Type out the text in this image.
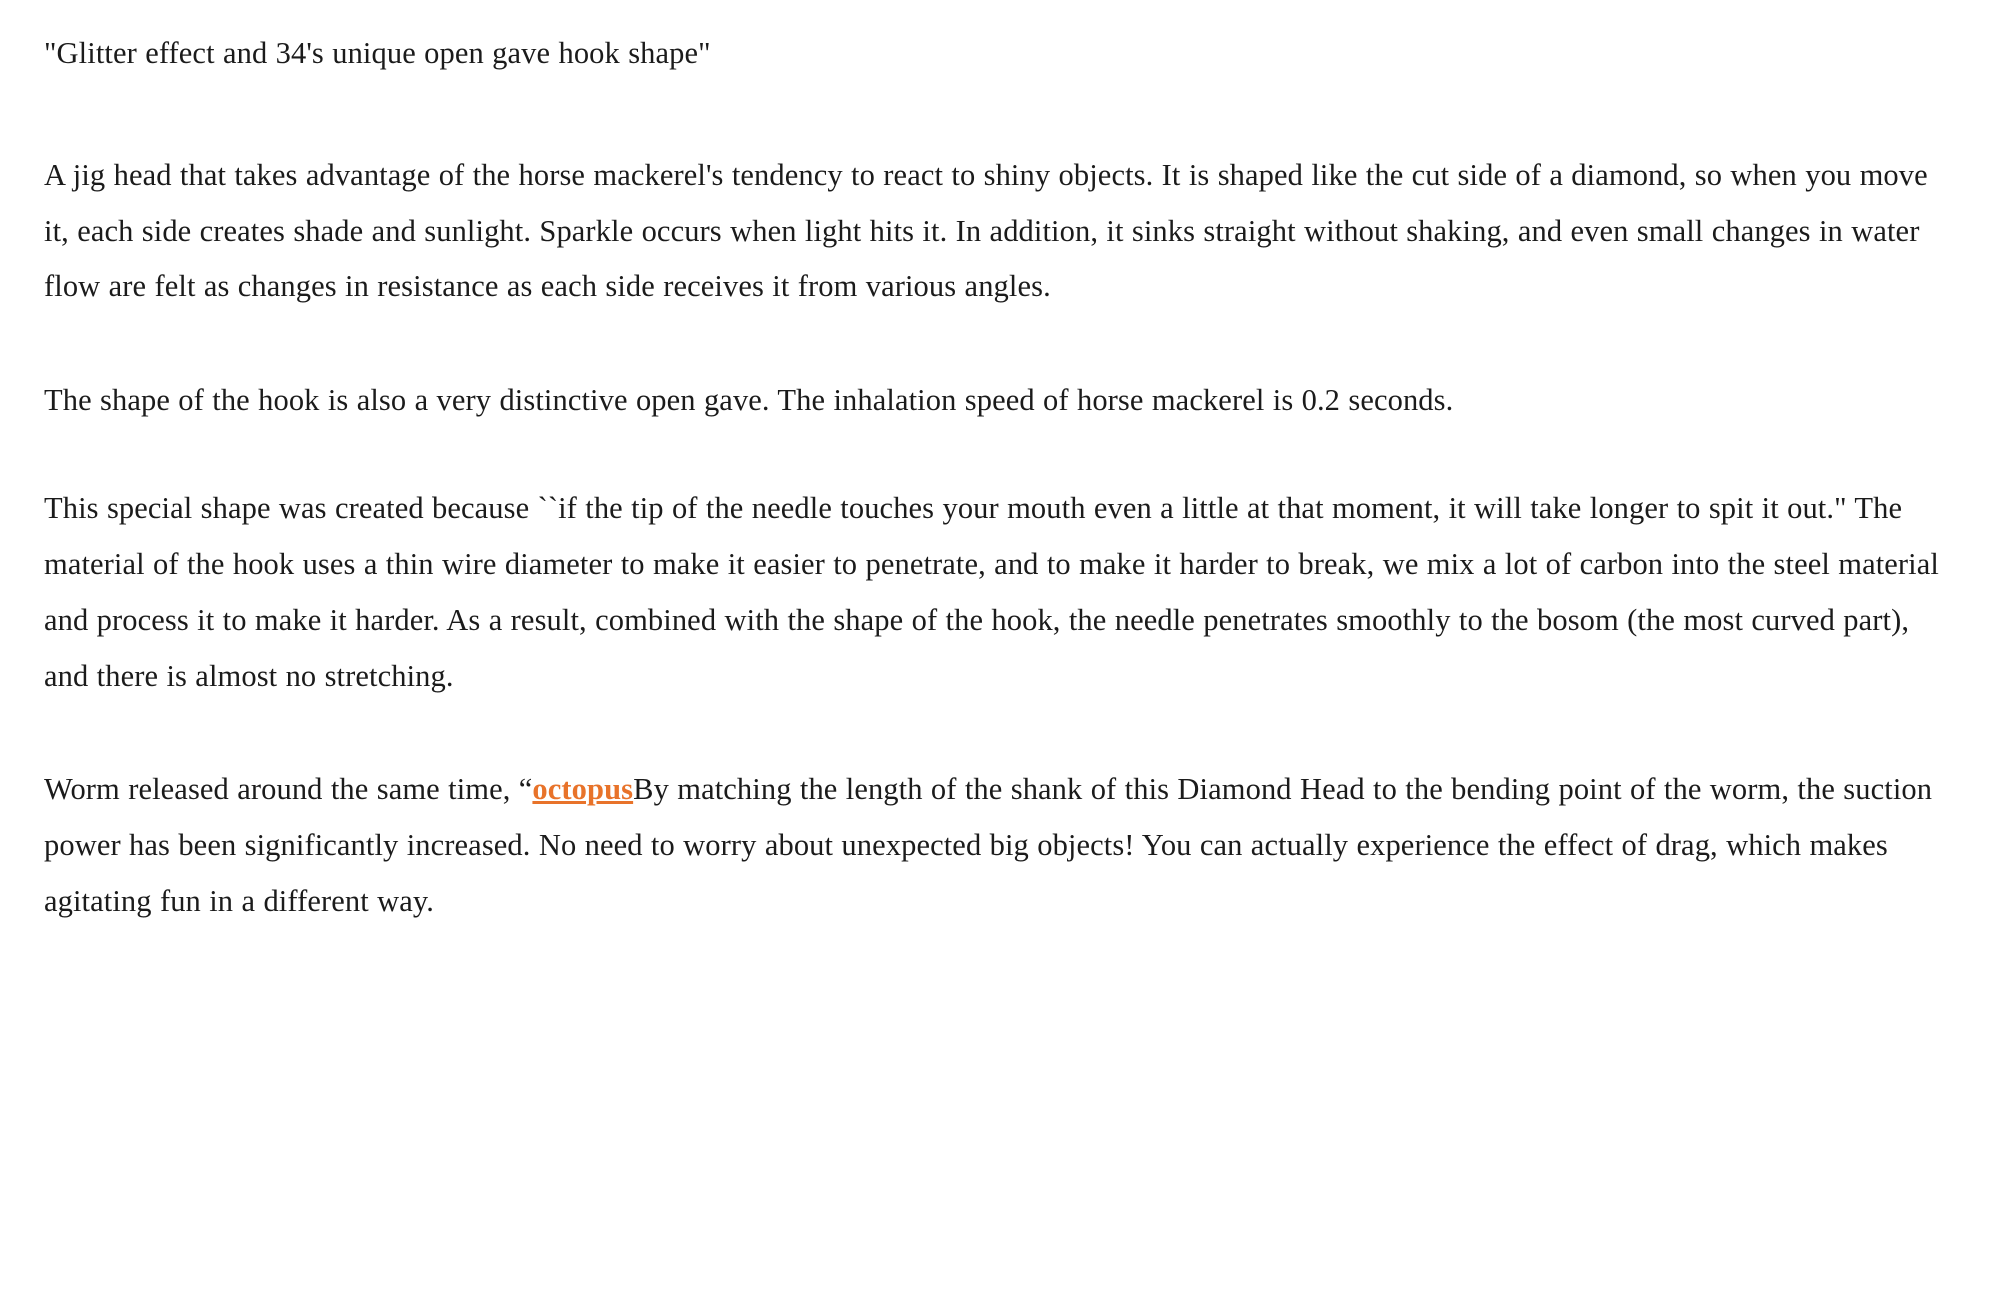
"Glitter effect and 34's unique open gave hook shape"

A jig head that takes advantage of the horse mackerel's tendency to react to shiny objects. It is shaped like the cut side of a diamond, so when you move it, each side creates shade and sunlight. Sparkle occurs when light hits it. In addition, it sinks straight without shaking, and even small changes in water flow are felt as changes in resistance as each side receives it from various angles.

The shape of the hook is also a very distinctive open gave. The inhalation speed of horse mackerel is 0.2 seconds.

This special shape was created because ``if the tip of the needle touches your mouth even a little at that moment, it will take longer to spit it out." The material of the hook uses a thin wire diameter to make it easier to penetrate, and to make it harder to break, we mix a lot of carbon into the steel material and process it to make it harder. As a result, combined with the shape of the hook, the needle penetrates smoothly to the bosom (the most curved part), and there is almost no stretching.

Worm released around the same time, “octopusBy matching the length of the shank of this Diamond Head to the bending point of the worm, the suction power has been significantly increased. No need to worry about unexpected big objects! You can actually experience the effect of drag, which makes agitating fun in a different way.
